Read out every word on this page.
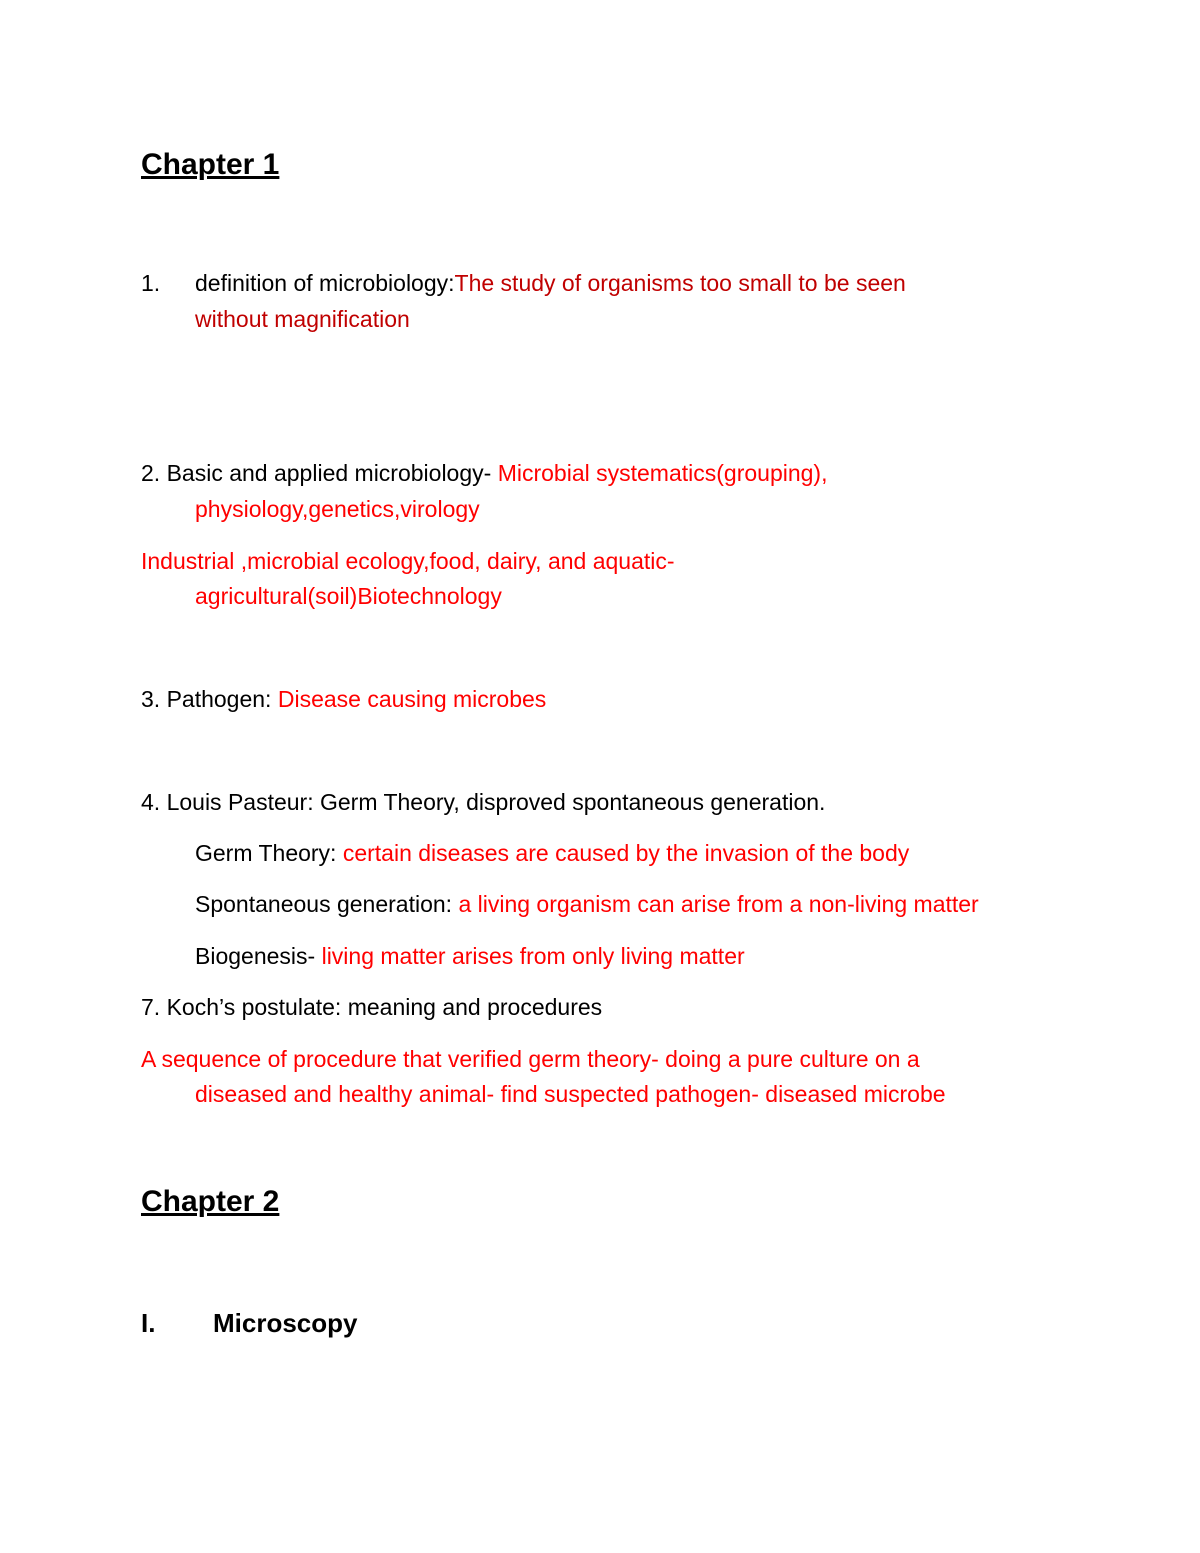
Chapter 1
1. definition of microbiology:The study of organisms too small to be seen
without magnification
2. Basic and applied microbiology- Microbial systematics(grouping),
physiology,genetics,virology
Industrial ,microbial ecology,food, dairy, and aquatic-
agricultural(soil)Biotechnology
3. Pathogen: Disease causing microbes
4. Louis Pasteur: Germ Theory, disproved spontaneous generation.
Germ Theory: certain diseases are caused by the invasion of the body
Spontaneous generation: a living organism can arise from a non-living matter
Biogenesis- living matter arises from only living matter
7. Koch’s postulate: meaning and procedures
A sequence of procedure that verified germ theory- doing a pure culture on a
diseased and healthy animal- find suspected pathogen- diseased microbe
Chapter 2
I. Microscopy
